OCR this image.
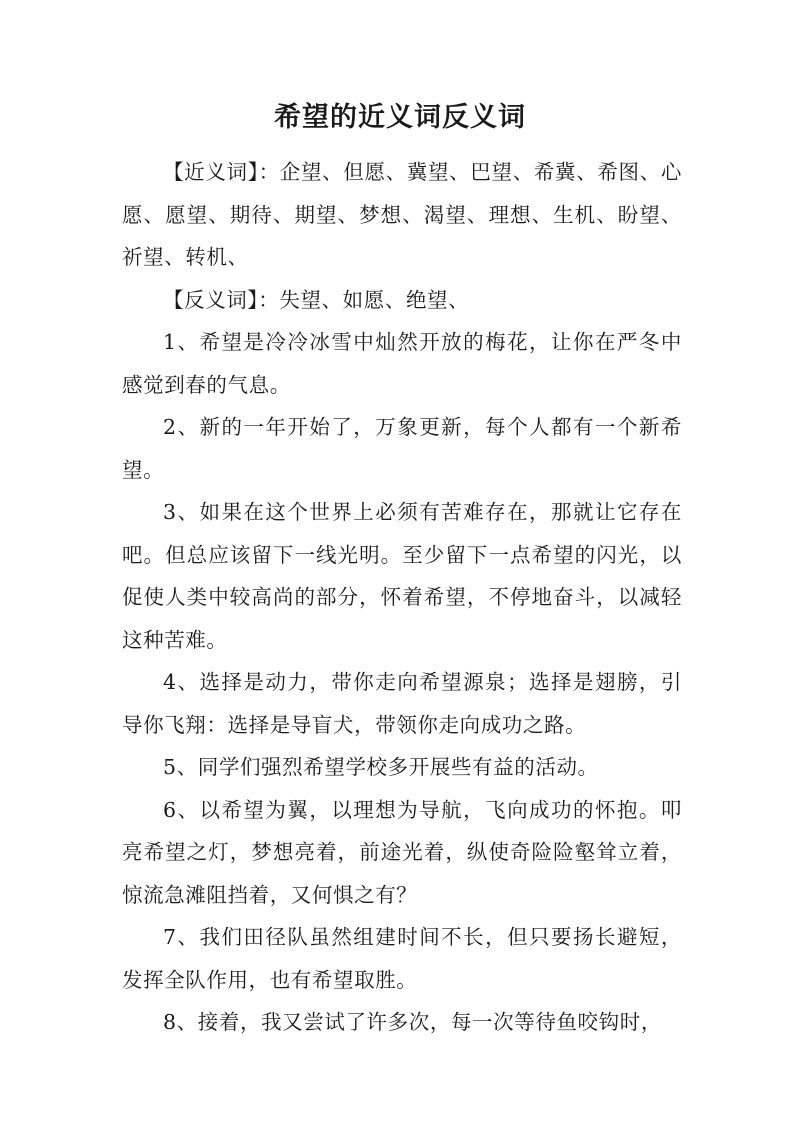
希望的近义词反义词

【近义词】：企望、但愿、冀望、巴望、希冀、希图、心愿、愿望、期待、期望、梦想、渴望、理想、生机、盼望、祈望、转机、

【反义词】：失望、如愿、绝望、

1、希望是冷冷冰雪中灿然开放的梅花，让你在严冬中感觉到春的气息。

2、新的一年开始了，万象更新，每个人都有一个新希望。

3、如果在这个世界上必须有苦难存在，那就让它存在吧。但总应该留下一线光明。至少留下一点希望的闪光，以促使人类中较高尚的部分，怀着希望，不停地奋斗，以减轻这种苦难。

4、选择是动力，带你走向希望源泉；选择是翅膀，引导你飞翔：选择是导盲犬，带领你走向成功之路。

5、同学们强烈希望学校多开展些有益的活动。

6、以希望为翼，以理想为导航，飞向成功的怀抱。叩亮希望之灯，梦想亮着，前途光着，纵使奇险险壑耸立着，惊流急滩阻挡着，又何惧之有？

7、我们田径队虽然组建时间不长，但只要扬长避短，发挥全队作用，也有希望取胜。

8、接着，我又尝试了许多次，每一次等待鱼咬钩时，
